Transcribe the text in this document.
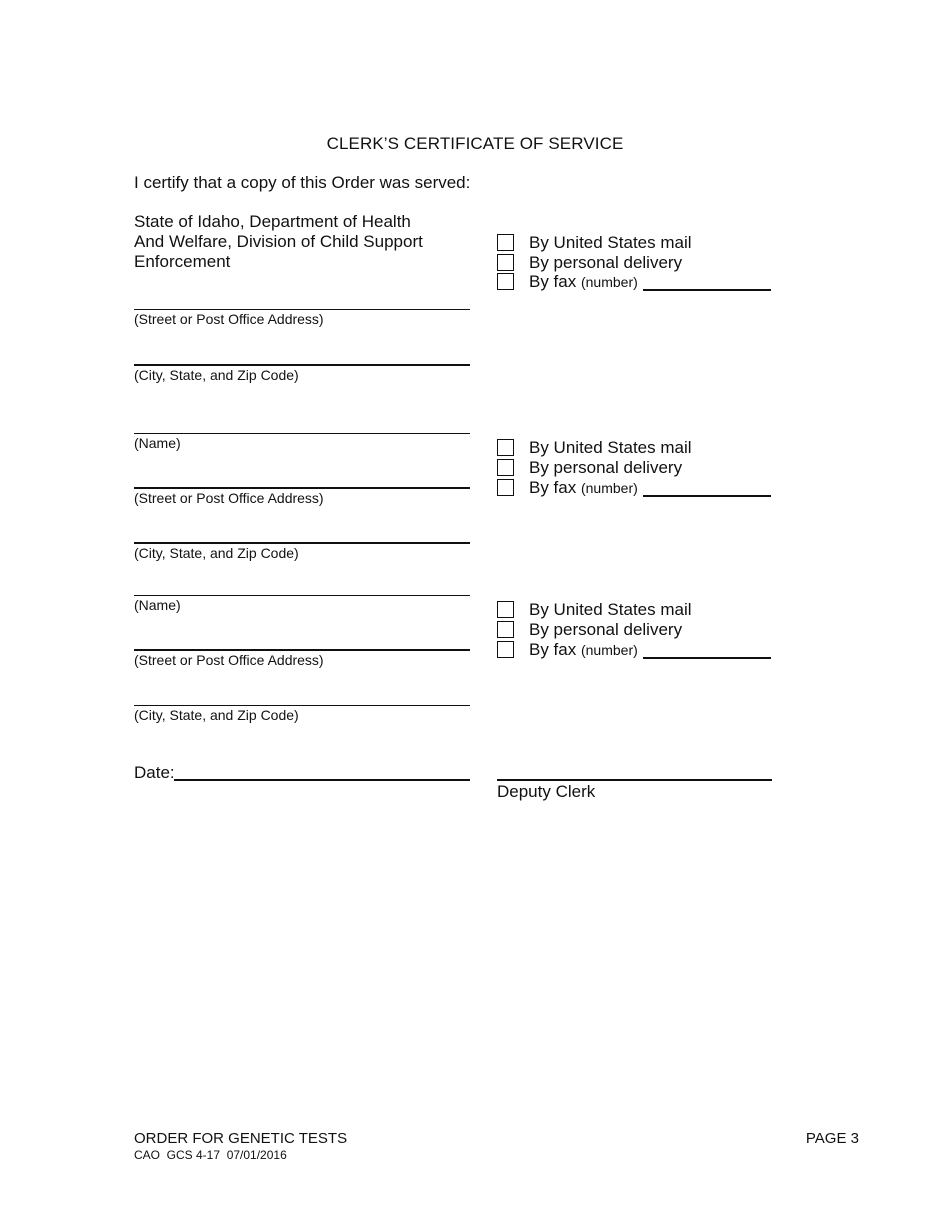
CLERK’S CERTIFICATE OF SERVICE
I certify that a copy of this Order was served:
State of Idaho, Department of Health
And Welfare, Division of Child Support
Enforcement
(Street or Post Office Address)
(City, State, and Zip Code)
By United States mail
By personal delivery
By fax (number)
(Name)
(Street or Post Office Address)
(City, State, and Zip Code)
By United States mail
By personal delivery
By fax (number)
(Name)
(Street or Post Office Address)
(City, State, and Zip Code)
By United States mail
By personal delivery
By fax (number)
Date:
Deputy Clerk
ORDER FOR GENETIC TESTS
CAO  GCS 4-17  07/01/2016
PAGE 3
